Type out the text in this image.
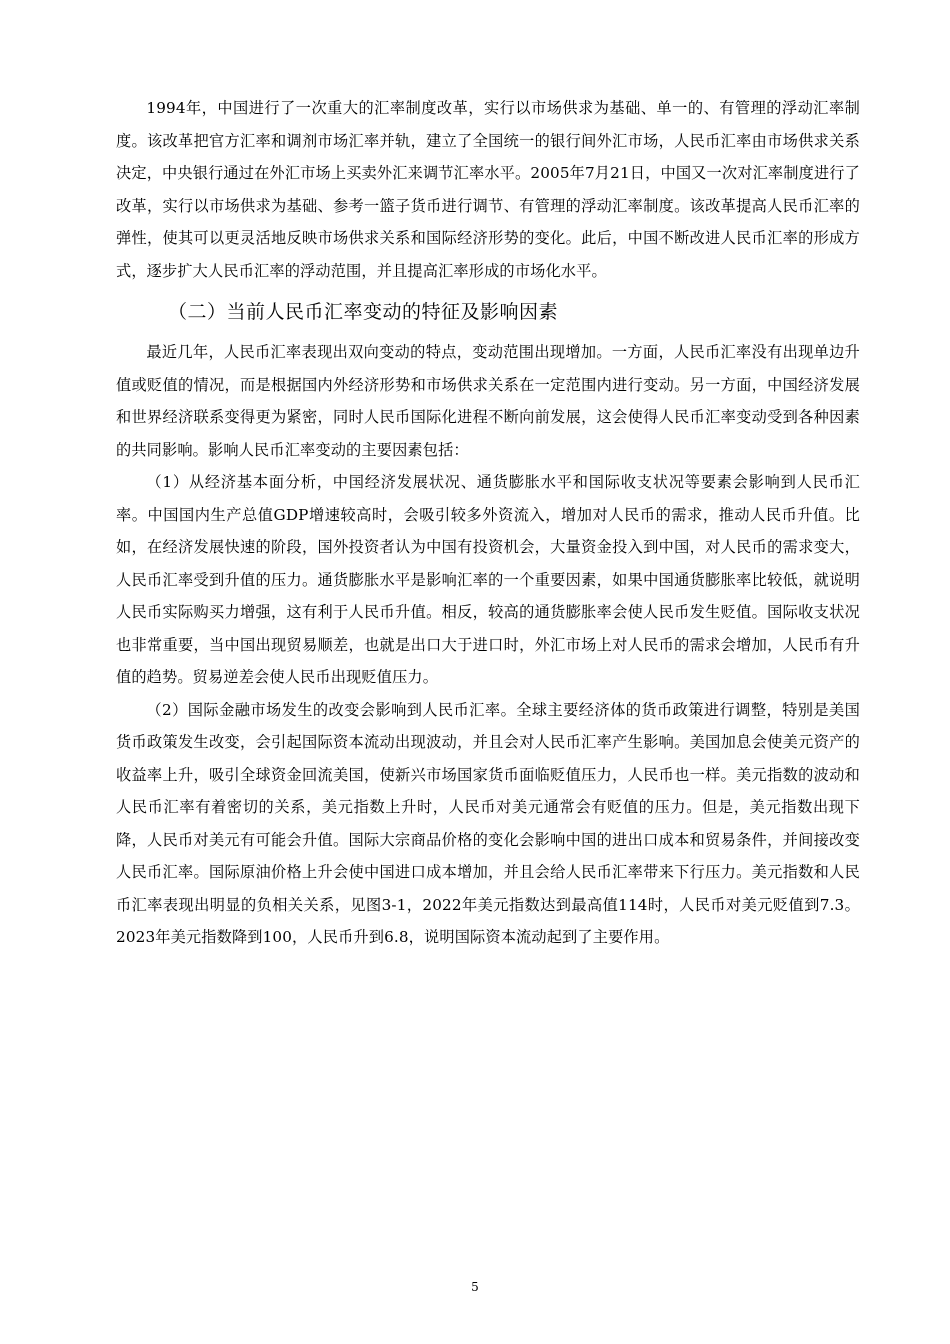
1994年，中国进行了一次重大的汇率制度改革，实行以市场供求为基础、单一的、有管理的浮动汇率制度。该改革把官方汇率和调剂市场汇率并轨，建立了全国统一的银行间外汇市场，人民币汇率由市场供求关系决定，中央银行通过在外汇市场上买卖外汇来调节汇率水平。2005年7月21日，中国又一次对汇率制度进行了改革，实行以市场供求为基础、参考一篮子货币进行调节、有管理的浮动汇率制度。该改革提高人民币汇率的弹性，使其可以更灵活地反映市场供求关系和国际经济形势的变化。此后，中国不断改进人民币汇率的形成方式，逐步扩大人民币汇率的浮动范围，并且提高汇率形成的市场化水平。

（二）当前人民币汇率变动的特征及影响因素

最近几年，人民币汇率表现出双向变动的特点，变动范围出现增加。一方面，人民币汇率没有出现单边升值或贬值的情况，而是根据国内外经济形势和市场供求关系在一定范围内进行变动。另一方面，中国经济发展和世界经济联系变得更为紧密，同时人民币国际化进程不断向前发展，这会使得人民币汇率变动受到各种因素的共同影响。影响人民币汇率变动的主要因素包括：

（1）从经济基本面分析，中国经济发展状况、通货膨胀水平和国际收支状况等要素会影响到人民币汇率。中国国内生产总值GDP增速较高时，会吸引较多外资流入，增加对人民币的需求，推动人民币升值。比如，在经济发展快速的阶段，国外投资者认为中国有投资机会，大量资金投入到中国，对人民币的需求变大，人民币汇率受到升值的压力。通货膨胀水平是影响汇率的一个重要因素，如果中国通货膨胀率比较低，就说明人民币实际购买力增强，这有利于人民币升值。相反，较高的通货膨胀率会使人民币发生贬值。国际收支状况也非常重要，当中国出现贸易顺差，也就是出口大于进口时，外汇市场上对人民币的需求会增加，人民币有升值的趋势。贸易逆差会使人民币出现贬值压力。

（2）国际金融市场发生的改变会影响到人民币汇率。全球主要经济体的货币政策进行调整，特别是美国货币政策发生改变，会引起国际资本流动出现波动，并且会对人民币汇率产生影响。美国加息会使美元资产的收益率上升，吸引全球资金回流美国，使新兴市场国家货币面临贬值压力，人民币也一样。美元指数的波动和人民币汇率有着密切的关系，美元指数上升时，人民币对美元通常会有贬值的压力。但是，美元指数出现下降，人民币对美元有可能会升值。国际大宗商品价格的变化会影响中国的进出口成本和贸易条件，并间接改变人民币汇率。国际原油价格上升会使中国进口成本增加，并且会给人民币汇率带来下行压力。美元指数和人民币汇率表现出明显的负相关关系，见图3-1，2022年美元指数达到最高值114时，人民币对美元贬值到7.3。2023年美元指数降到100，人民币升到6.8，说明国际资本流动起到了主要作用。

5
